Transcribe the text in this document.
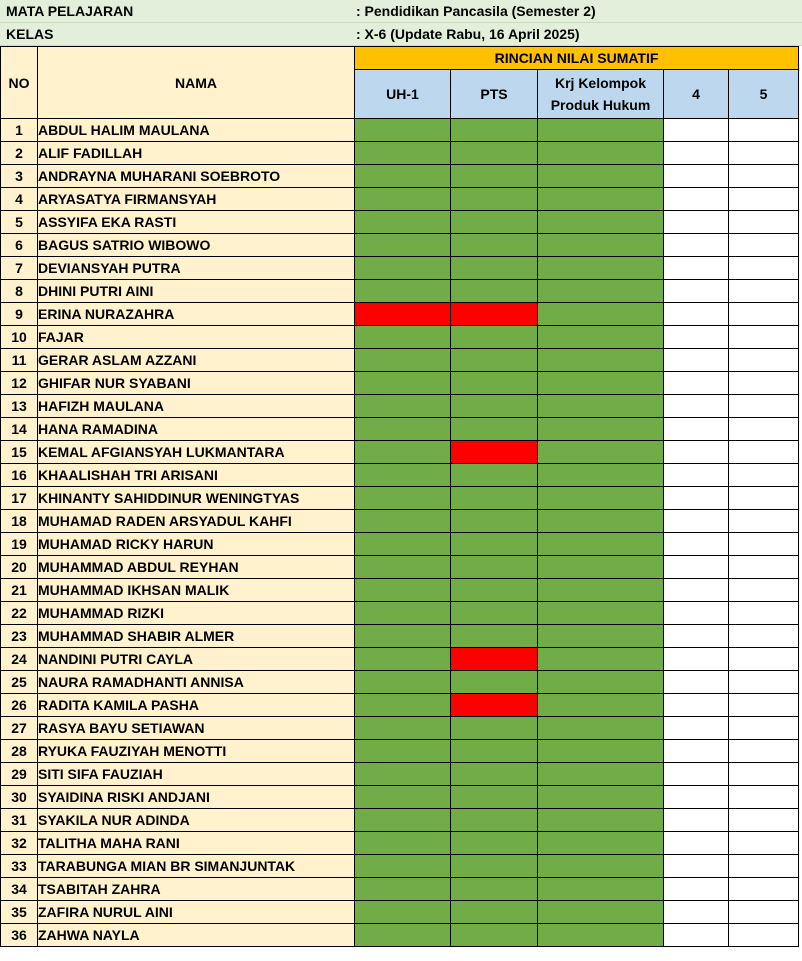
MATA PELAJARAN	: Pendidikan Pancasila (Semester 2)
KELAS	: X-6 (Update Rabu, 16 April 2025)
NO	NAMA	RINCIAN NILAI SUMATIF				
		UH-1	PTS	Krj Kelompok Produk Hukum	4	5
1	ABDUL HALIM MAULANA					
2	ALIF FADILLAH					
3	ANDRAYNA MUHARANI SOEBROTO					
4	ARYASATYA FIRMANSYAH					
5	ASSYIFA EKA RASTI					
6	BAGUS SATRIO WIBOWO					
7	DEVIANSYAH PUTRA					
8	DHINI PUTRI AINI					
9	ERINA NURAZAHRA					
10	FAJAR					
11	GERAR ASLAM AZZANI					
12	GHIFAR NUR SYABANI					
13	HAFIZH MAULANA					
14	HANA RAMADINA					
15	KEMAL AFGIANSYAH LUKMANTARA					
16	KHAALISHAH TRI ARISANI					
17	KHINANTY SAHIDDINUR WENINGTYAS					
18	MUHAMAD RADEN ARSYADUL KAHFI					
19	MUHAMAD RICKY HARUN					
20	MUHAMMAD ABDUL REYHAN					
21	MUHAMMAD IKHSAN MALIK					
22	MUHAMMAD RIZKI					
23	MUHAMMAD SHABIR ALMER					
24	NANDINI PUTRI CAYLA					
25	NAURA RAMADHANTI ANNISA					
26	RADITA KAMILA PASHA					
27	RASYA BAYU SETIAWAN					
28	RYUKA FAUZIYAH MENOTTI					
29	SITI SIFA FAUZIAH					
30	SYAIDINA RISKI ANDJANI					
31	SYAKILA NUR ADINDA					
32	TALITHA MAHA RANI					
33	TARABUNGA MIAN BR SIMANJUNTAK					
34	TSABITAH ZAHRA					
35	ZAFIRA NURUL AINI					
36	ZAHWA NAYLA					
